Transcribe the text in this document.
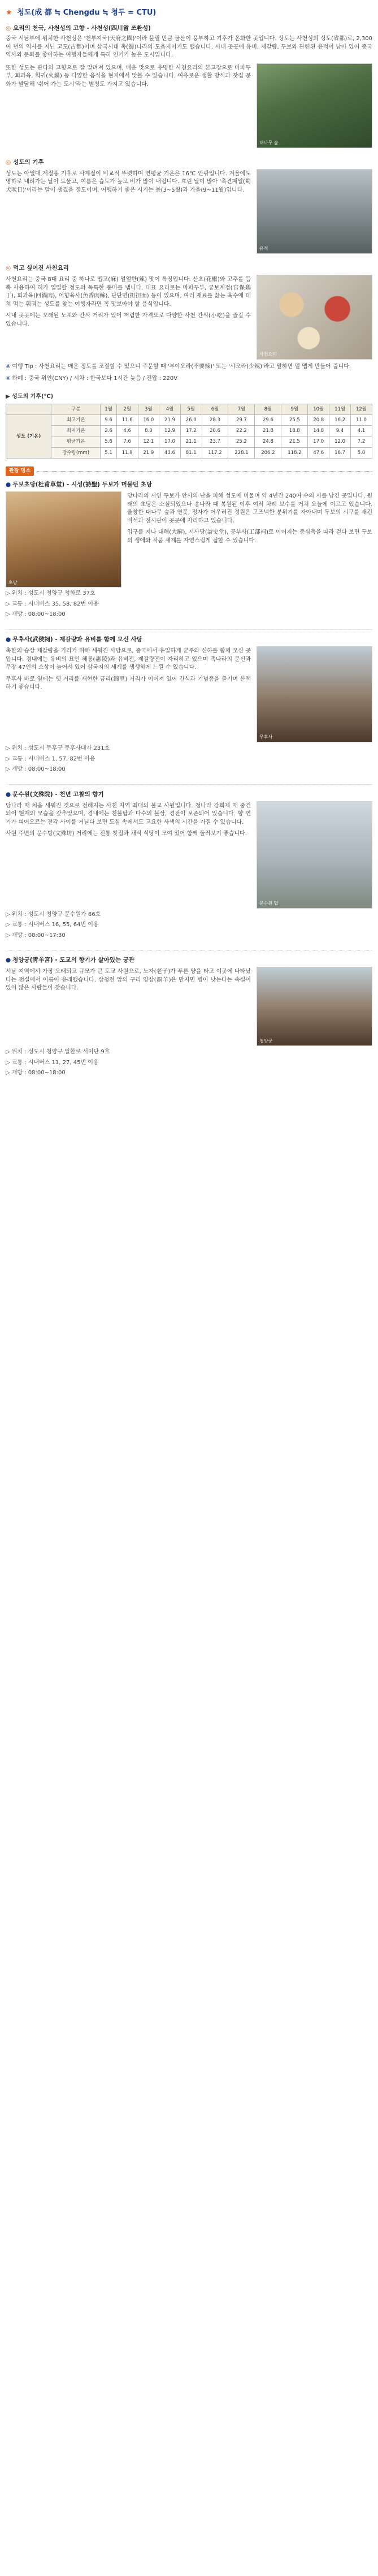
★ 청도(成 都 ≒ Chengdu ≒ 쳥두 = CTU)
◎ 요리의 천국, 사천성의 고향 - 사천성(四川省 쓰촨성)

중국 서남부에 위치한 사천성은 '천부지국(天府之國)'이라 불릴 만큼 물산이 풍부하고 기후가 온화한 곳입니다. 성도는 사천성의 성도(省都)로, 2,300여 년의 역사를 지닌 고도(古都)이며 삼국시대 촉(蜀)나라의 도읍지이기도 했습니다. 시내 곳곳에 유비, 제갈량, 두보와 관련된 유적이 남아 있어 중국 역사와 문화를 좋아하는 여행자들에게 특히 인기가 높은 도시입니다.

또한 성도는 판다의 고향으로 잘 알려져 있으며, 매운 맛으로 유명한 사천요리의 본고장으로 마파두부, 회과육, 훠궈(火鍋) 등 다양한 음식을 현지에서 맛볼 수 있습니다. 여유로운 생활 방식과 찻집 문화가 발달해 '쉬어 가는 도시'라는 별칭도 가지고 있습니다.

대나무 숲
◎ 성도의 기후

성도는 아열대 계절풍 기후로 사계절이 비교적 뚜렷하며 연평균 기온은 16℃ 안팎입니다. 겨울에도 영하로 내려가는 날이 드물고, 여름은 습도가 높고 비가 많이 내립니다. 흐린 날이 많아 '촉견폐일(蜀犬吠日)'이라는 말이 생겼을 정도이며, 여행하기 좋은 시기는 봄(3~5월)과 가을(9~11월)입니다.

유적
◎ 먹고 싶어진 사천요리

사천요리는 중국 8대 요리 중 하나로 맵고(麻) 얼얼한(辣) 맛이 특징입니다. 산초(花椒)와 고추를 듬뿍 사용하여 혀가 얼얼할 정도의 독특한 풍미를 냅니다. 대표 요리로는 마파두부, 궁보계정(宮保鷄丁), 회과육(回鍋肉), 어향육사(魚香肉絲), 단단면(担担面) 등이 있으며, 여러 재료를 끓는 육수에 데쳐 먹는 훠궈는 성도를 찾는 여행자라면 꼭 맛보아야 할 음식입니다.

시내 곳곳에는 오래된 노포와 간식 거리가 있어 저렴한 가격으로 다양한 사천 간식(小吃)을 즐길 수 있습니다.

사천요리

※ 여행 Tip : 사천요리는 매운 정도를 조절할 수 있으니 주문할 때 '부야오라(不要辣)' 또는 '샤오라(少辣)'라고 말하면 덜 맵게 만들어 줍니다.

※ 화폐 : 중국 위안(CNY) / 시차 : 한국보다 1시간 늦음 / 전압 : 220V

▶ 성도의 기후(℃)
	구분	1월	2월	3월	4월	5월	6월	7월	8월	9월	10월	11월	12월
성도 (기온)	최고기온	9.6	11.6	16.0	21.9	26.0	28.3	29.7	29.6	25.5	20.8	16.2	11.0
	최저기온	2.6	4.6	8.0	12.9	17.2	20.6	22.2	21.8	18.8	14.8	9.4	4.1
	평균기온	5.6	7.6	12.1	17.0	21.1	23.7	25.2	24.8	21.5	17.0	12.0	7.2
	강수량(mm)	5.1	11.9	21.9	43.6	81.1	117.2	228.1	206.2	118.2	47.6	16.7	5.0
관광 명소
● 두보초당(杜甫草堂) - 시성(詩聖) 두보가 머물던 초당
초당

당나라의 시인 두보가 안사의 난을 피해 성도에 머물며 약 4년간 240여 수의 시를 남긴 곳입니다. 원래의 초당은 소실되었으나 송나라 때 복원된 이후 여러 차례 보수를 거쳐 오늘에 이르고 있습니다. 울창한 대나무 숲과 연못, 정자가 어우러진 정원은 고즈넉한 분위기를 자아내며 두보의 시구를 새긴 비석과 전시관이 곳곳에 자리하고 있습니다.

입구를 지나 대해(大廨), 시사당(詩史堂), 공부사(工部祠)로 이어지는 중심축을 따라 걷다 보면 두보의 생애와 작품 세계를 자연스럽게 접할 수 있습니다.

▷ 위치 : 성도시 청양구 청화로 37호

▷ 교통 : 시내버스 35, 58, 82번 이용

▷ 개방 : 08:00~18:00

● 무후사(武侯祠) - 제갈량과 유비를 함께 모신 사당

촉한의 승상 제갈량을 기리기 위해 세워진 사당으로, 중국에서 유일하게 군주와 신하를 함께 모신 곳입니다. 경내에는 유비의 묘인 혜릉(惠陵)과 유비전, 제갈량전이 자리하고 있으며 촉나라의 문신과 무장 47인의 소상이 늘어서 있어 삼국지의 세계를 생생하게 느낄 수 있습니다.

무후사 바로 옆에는 옛 거리를 재현한 금리(錦里) 거리가 이어져 있어 간식과 기념품을 즐기며 산책하기 좋습니다.

무후사

▷ 위치 : 성도시 무후구 무후사대가 231호

▷ 교통 : 시내버스 1, 57, 82번 이용

▷ 개방 : 08:00~18:00

● 문수원(文殊院) - 천년 고찰의 향기

당나라 때 처음 세워진 것으로 전해지는 사천 지역 최대의 불교 사원입니다. 청나라 강희제 때 중건되어 현재의 모습을 갖추었으며, 경내에는 천불탑과 다수의 불상, 경전이 보존되어 있습니다. 향 연기가 피어오르는 전각 사이를 거닐다 보면 도심 속에서도 고요한 사색의 시간을 가질 수 있습니다.

사원 주변의 문수방(文殊坊) 거리에는 전통 찻집과 채식 식당이 모여 있어 함께 둘러보기 좋습니다.

문수원 탑

▷ 위치 : 성도시 청양구 문수원가 66호

▷ 교통 : 시내버스 16, 55, 64번 이용

▷ 개방 : 08:00~17:30

● 청양궁(靑羊宮) - 도교의 향기가 살아있는 궁관

서남 지역에서 가장 오래되고 규모가 큰 도교 사원으로, 노자(老子)가 푸른 양을 타고 이곳에 나타났다는 전설에서 이름이 유래했습니다. 삼청전 앞의 구리 양상(銅羊)은 만지면 병이 낫는다는 속설이 있어 많은 사람들이 찾습니다.

청양궁

▷ 위치 : 성도시 청양구 일환로 서이단 9호

▷ 교통 : 시내버스 11, 27, 45번 이용

▷ 개방 : 08:00~18:00
